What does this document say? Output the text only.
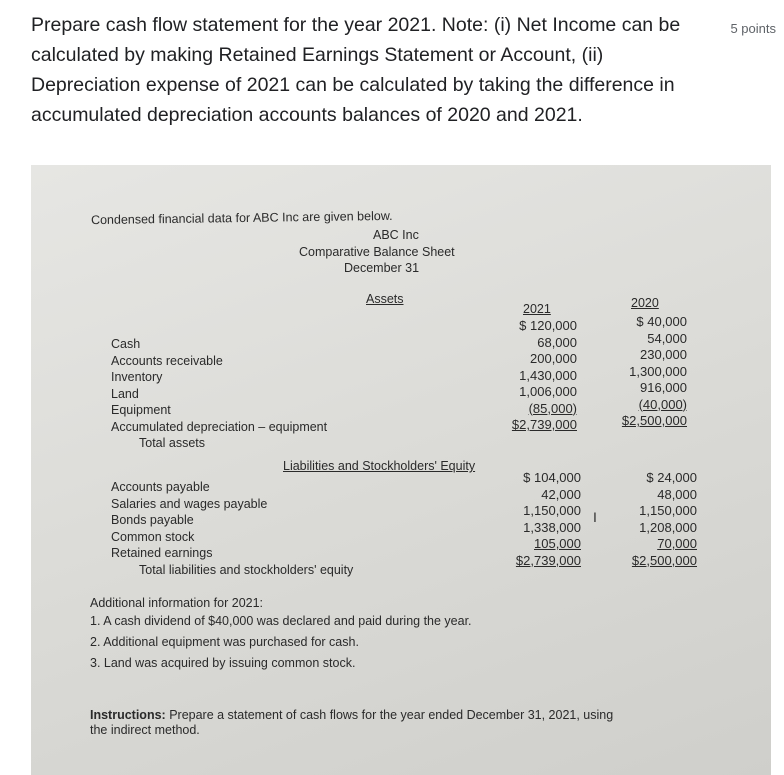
Prepare cash flow statement for the year 2021. Note: (i) Net Income can be calculated by making Retained Earnings Statement or Account, (ii) Depreciation expense of 2021 can be calculated by taking the difference in accumulated depreciation accounts balances of 2020 and 2021.
5 points
Condensed financial data for ABC Inc are given below.
ABC Inc
Comparative Balance Sheet
December 31
Assets
2021	2020
Cash
Accounts receivable
Inventory
Land
Equipment
Accumulated depreciation – equipment
Total assets
$ 120,000
68,000
200,000
1,430,000
1,006,000
(85,000)
$2,739,000
$ 40,000
54,000
230,000
1,300,000
916,000
(40,000)
$2,500,000
Liabilities and Stockholders' Equity
Accounts payable
Salaries and wages payable
Bonds payable
Common stock
Retained earnings
Total liabilities and stockholders' equity
$ 104,000
42,000
1,150,000
1,338,000
105,000
$2,739,000
I
$ 24,000
48,000
1,150,000
1,208,000
70,000
$2,500,000
Additional information for 2021:
1. A cash dividend of $40,000 was declared and paid during the year.
2. Additional equipment was purchased for cash.
3. Land was acquired by issuing common stock.
Instructions: Prepare a statement of cash flows for the year ended December 31, 2021, using
the indirect method.
